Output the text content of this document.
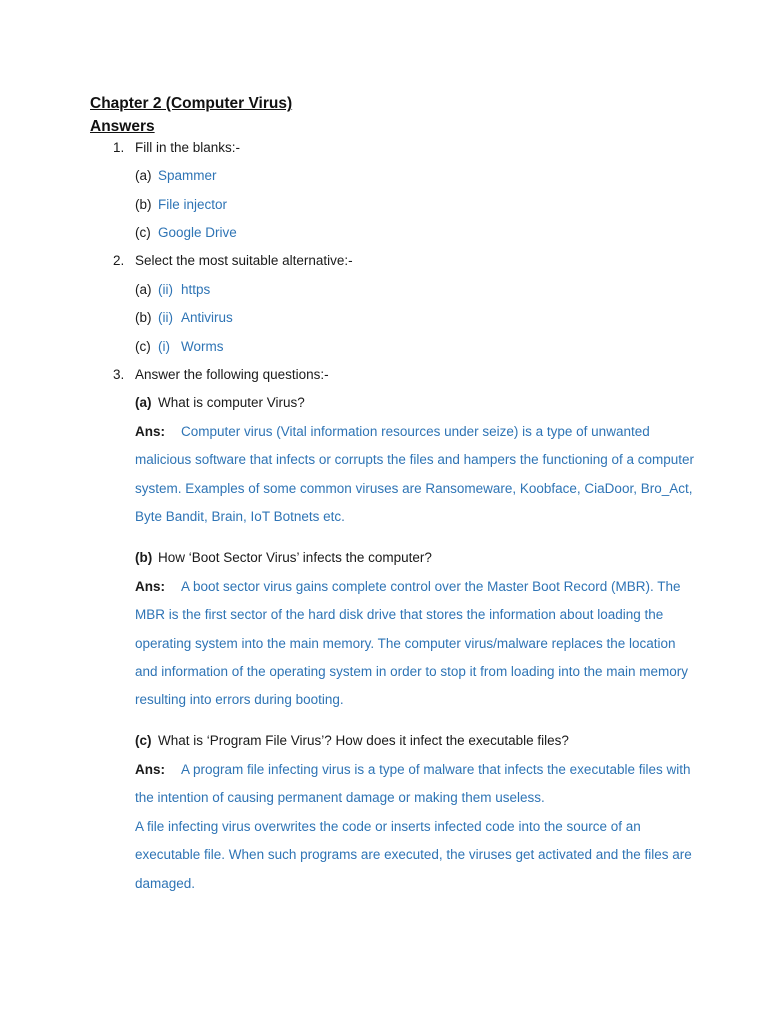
Chapter 2 (Computer Virus)
Answers
1. Fill in the blanks:-
(a) Spammer
(b) File injector
(c) Google Drive
2. Select the most suitable alternative:-
(a) (ii) https
(b) (ii) Antivirus
(c) (i) Worms
3. Answer the following questions:-
(a) What is computer Virus?
Ans: Computer virus (Vital information resources under seize) is a type of unwanted
malicious software that infects or corrupts the files and hampers the functioning of a computer
system. Examples of some common viruses are Ransomeware, Koobface, CiaDoor, Bro_Act,
Byte Bandit, Brain, IoT Botnets etc.
(b) How ‘Boot Sector Virus’ infects the computer?
Ans: A boot sector virus gains complete control over the Master Boot Record (MBR). The
MBR is the first sector of the hard disk drive that stores the information about loading the
operating system into the main memory. The computer virus/malware replaces the location
and information of the operating system in order to stop it from loading into the main memory
resulting into errors during booting.
(c) What is ‘Program File Virus’? How does it infect the executable files?
Ans: A program file infecting virus is a type of malware that infects the executable files with
the intention of causing permanent damage or making them useless.
A file infecting virus overwrites the code or inserts infected code into the source of an
executable file. When such programs are executed, the viruses get activated and the files are
damaged.
